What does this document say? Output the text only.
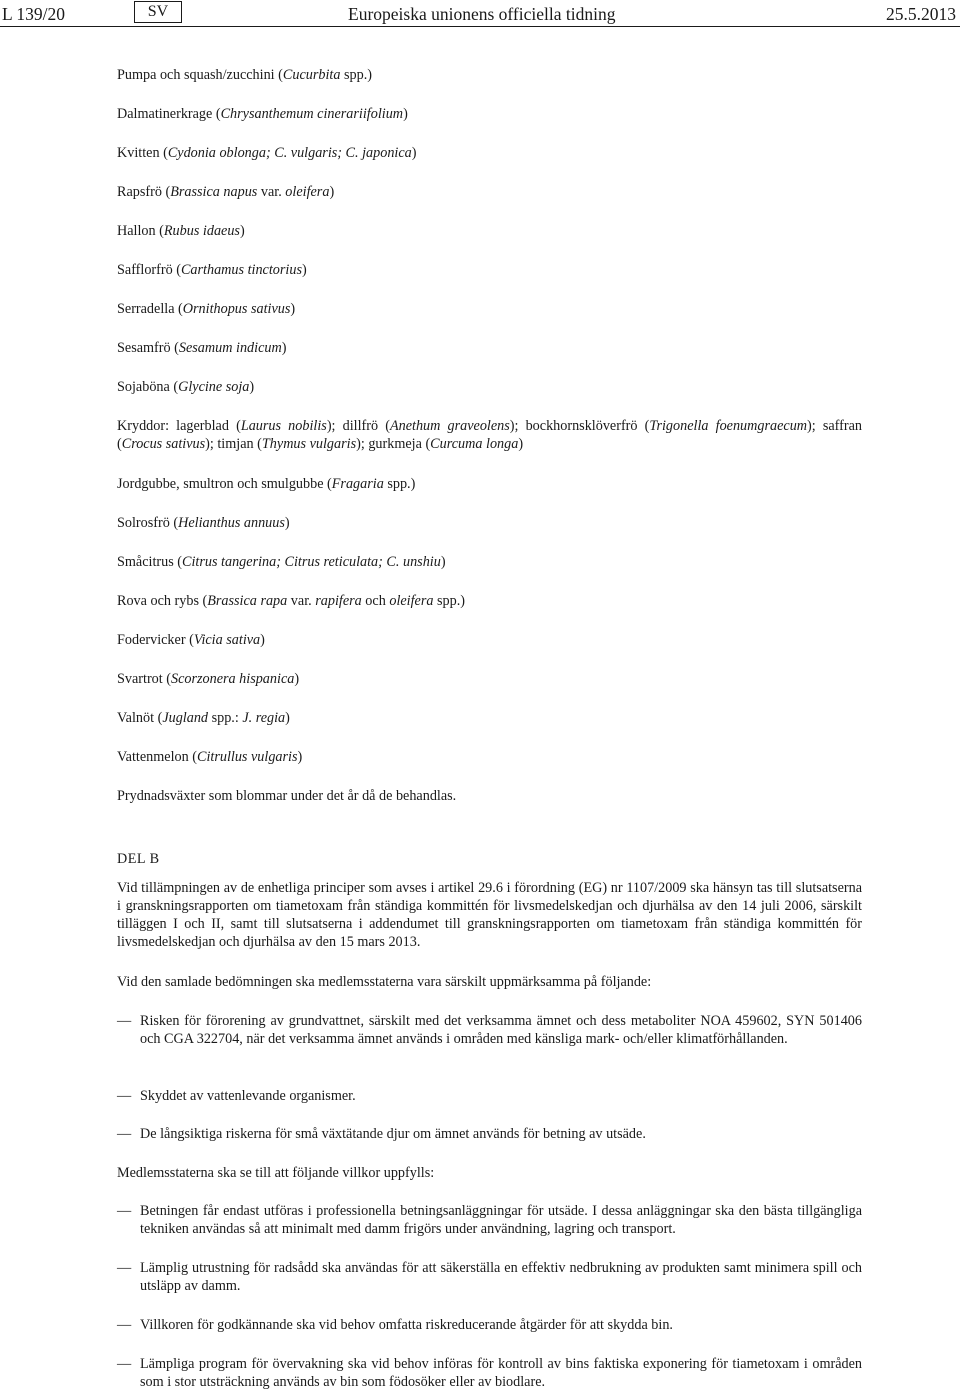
L 139/20	SV	Europeiska unionens officiella tidning	25.5.2013
Pumpa och squash/zucchini (Cucurbita spp.)
Dalmatinerkrage (Chrysanthemum cinerariifolium)
Kvitten (Cydonia oblonga; C. vulgaris; C. japonica)
Rapsfrö (Brassica napus var. oleifera)
Hallon (Rubus idaeus)
Safflorfrö (Carthamus tinctorius)
Serradella (Ornithopus sativus)
Sesamfrö (Sesamum indicum)
Sojaböna (Glycine soja)
Kryddor: lagerblad (Laurus nobilis); dillfrö (Anethum graveolens); bockhornsklöverfrö (Trigonella foenumgraecum); saffran (Crocus sativus); timjan (Thymus vulgaris); gurkmeja (Curcuma longa)
Jordgubbe, smultron och smulgubbe (Fragaria spp.)
Solrosfrö (Helianthus annuus)
Småcitrus (Citrus tangerina; Citrus reticulata; C. unshiu)
Rova och rybs (Brassica rapa var. rapifera och oleifera spp.)
Fodervicker (Vicia sativa)
Svartrot (Scorzonera hispanica)
Valnöt (Jugland spp.: J. regia)
Vattenmelon (Citrullus vulgaris)
Prydnadsväxter som blommar under det år då de behandlas.
DEL B
Vid tillämpningen av de enhetliga principer som avses i artikel 29.6 i förordning (EG) nr 1107/2009 ska hänsyn tas till slutsatserna i granskningsrapporten om tiametoxam från ständiga kommittén för livsmedelskedjan och djurhälsa av den 14 juli 2006, särskilt tilläggen I och II, samt till slutsatserna i addendumet till granskningsrapporten om tiametoxam från ständiga kommittén för livsmedelskedjan och djurhälsa av den 15 mars 2013.
Vid den samlade bedömningen ska medlemsstaterna vara särskilt uppmärksamma på följande:
— Risken för förorening av grundvattnet, särskilt med det verksamma ämnet och dess metaboliter NOA 459602, SYN 501406 och CGA 322704, när det verksamma ämnet används i områden med känsliga mark- och/eller klimatförhållanden.
— Skyddet av vattenlevande organismer.
— De långsiktiga riskerna för små växtätande djur om ämnet används för betning av utsäde.
Medlemsstaterna ska se till att följande villkor uppfylls:
— Betningen får endast utföras i professionella betningsanläggningar för utsäde. I dessa anläggningar ska den bästa tillgängliga tekniken användas så att minimalt med damm frigörs under användning, lagring och transport.
— Lämplig utrustning för radsådd ska användas för att säkerställa en effektiv nedbrukning av produkten samt minimera spill och utsläpp av damm.
— Villkoren för godkännande ska vid behov omfatta riskreducerande åtgärder för att skydda bin.
— Lämpliga program för övervakning ska vid behov införas för kontroll av bins faktiska exponering för tiametoxam i områden som i stor utsträckning används av bin som födosöker eller av biodlare.
